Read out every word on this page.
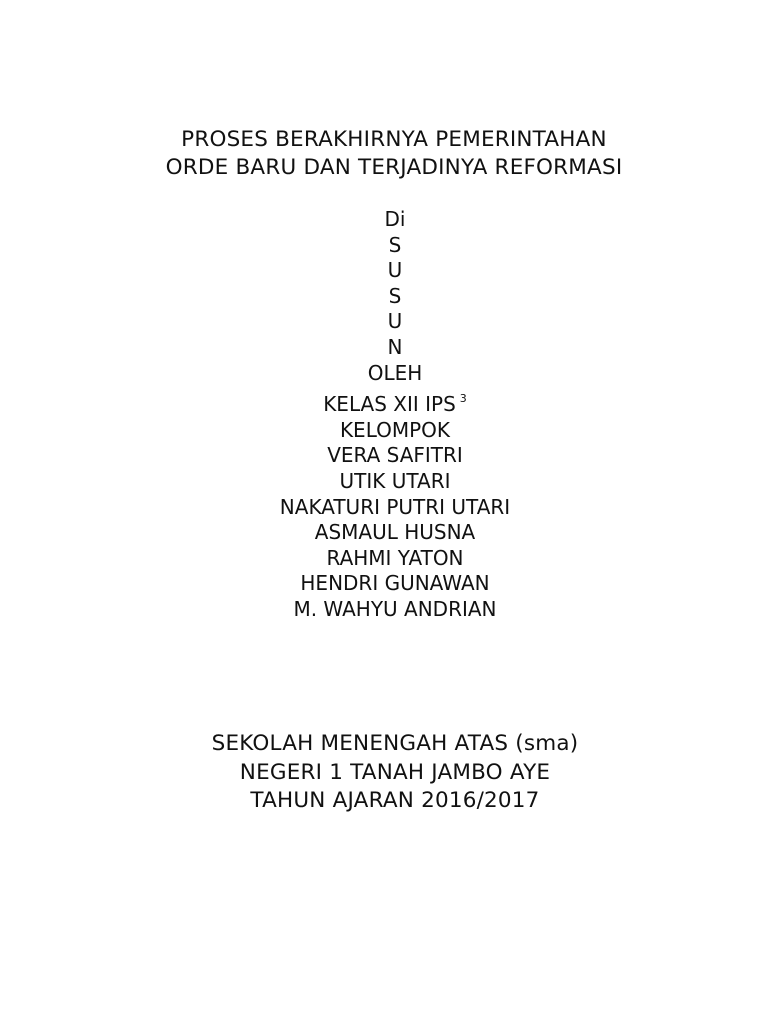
PROSES BERAKHIRNYA PEMERINTAHAN
ORDE BARU DAN TERJADINYA REFORMASI
Di
S
U
S
U
N
OLEH
KELAS XII IPS $^3$
KELOMPOK
VERA SAFITRI
UTIK UTARI
NAKATURI PUTRI UTARI
ASMAUL HUSNA
RAHMI YATON
HENDRI GUNAWAN
M. WAHYU ANDRIAN
SEKOLAH MENENGAH ATAS (sma)
NEGERI 1 TANAH JAMBO AYE
TAHUN AJARAN 2016/2017
